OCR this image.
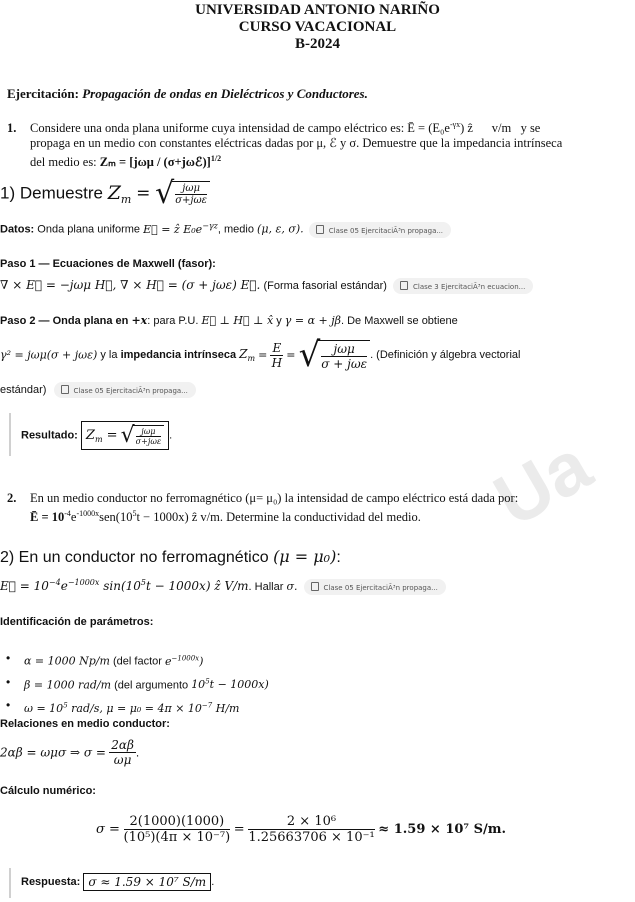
Ua
UNIVERSIDAD ANTONIO NARIÑO
CURSO VACACIONAL
B-2024
Ejercitación: Propagación de ondas en Dieléctricos y Conductores.
1. Considere una onda plana uniforme cuya intensidad de campo eléctrico es: Ē = $(E_0e^{-\gamma x})$ ẑ v/m y se
propaga en un medio con constantes eléctricas dadas por μ, ℰ y σ. Demuestre que la impedancia intrínseca
del medio es: Zₘ = [jωμ / (σ+jωℰ)]$^{1/2}$
1) Demuestre $Z_m$ = √ $\frac{\text{jωμ}}{\text{σ+jωε}}$
Datos: Onda plana uniforme E⃗ = ẑ $E_0e^{-\gamma z}$, medio (μ, ε, σ).	Clase 05 EjercitaciÃ³n propaga...
Paso 1 — Ecuaciones de Maxwell (fasor):
∇ × E⃗ = −jωμ H⃗, ∇ × H⃗ = (σ + jωε) E⃗. (Forma fasorial estándar)	Clase 3 EjercitaciÃ³n ecuacion...
Paso 2 — Onda plana en +x: para P.U. E⃗ ⊥ H⃗ ⊥ x̂ y γ = α + jβ. De Maxwell se obtiene
γ² = jωμ(σ + jωε) y la impedancia intrínseca $Z_m = \frac{E}{H}$ = √ $\frac{\text{jωμ}}{\text{σ + jωε}}$ . (Definición y álgebra vectorial
estándar)	Clase 05 EjercitaciÃ³n propaga...
Resultado: $Z_m$ = √ $\frac{\text{jωμ}}{\text{σ+jωε}}$ .
2. En un medio conductor no ferromagnético (μ= μ₀) la intensidad de campo eléctrico está dada por:
Ē = $10^{-4}e^{-1000x}sen(10^5t - 1000x)$ ẑ v/m. Determine la conductividad del medio.
2) En un conductor no ferromagnético (μ = μ₀):
E⃗ = $10^{-4}e^{-1000x}$ $\sin(10^5t - 1000x)$ ẑ V/m. Hallar σ.	Clase 05 EjercitaciÃ³n propaga...
Identificación de parámetros:
• α = 1000 Np/m (del factor $e^{-1000x}$)
• β = 1000 rad/m (del argumento $10^5t - 1000x$)
• $\omega = 10^5$ rad/s, $\mu = \mu_0 = 4\pi \times 10^{-7}$ H/m
Relaciones en medio conductor:
2αβ = ωμσ ⇒ $\sigma = \frac{2\alpha\beta}{\omega\mu}$ .
Cálculo numérico:
$\sigma = \frac{2(1000)(1000)}{\text{(10⁵)(4π × 10⁻⁷)}} = \frac{\text{2 × 10⁶}}{\text{1.25663706 × 10⁻¹}} \approx 1.59 \times 10^7$ S/m.
Respuesta: σ ≈ 1.59 × 10⁷ S/m .
